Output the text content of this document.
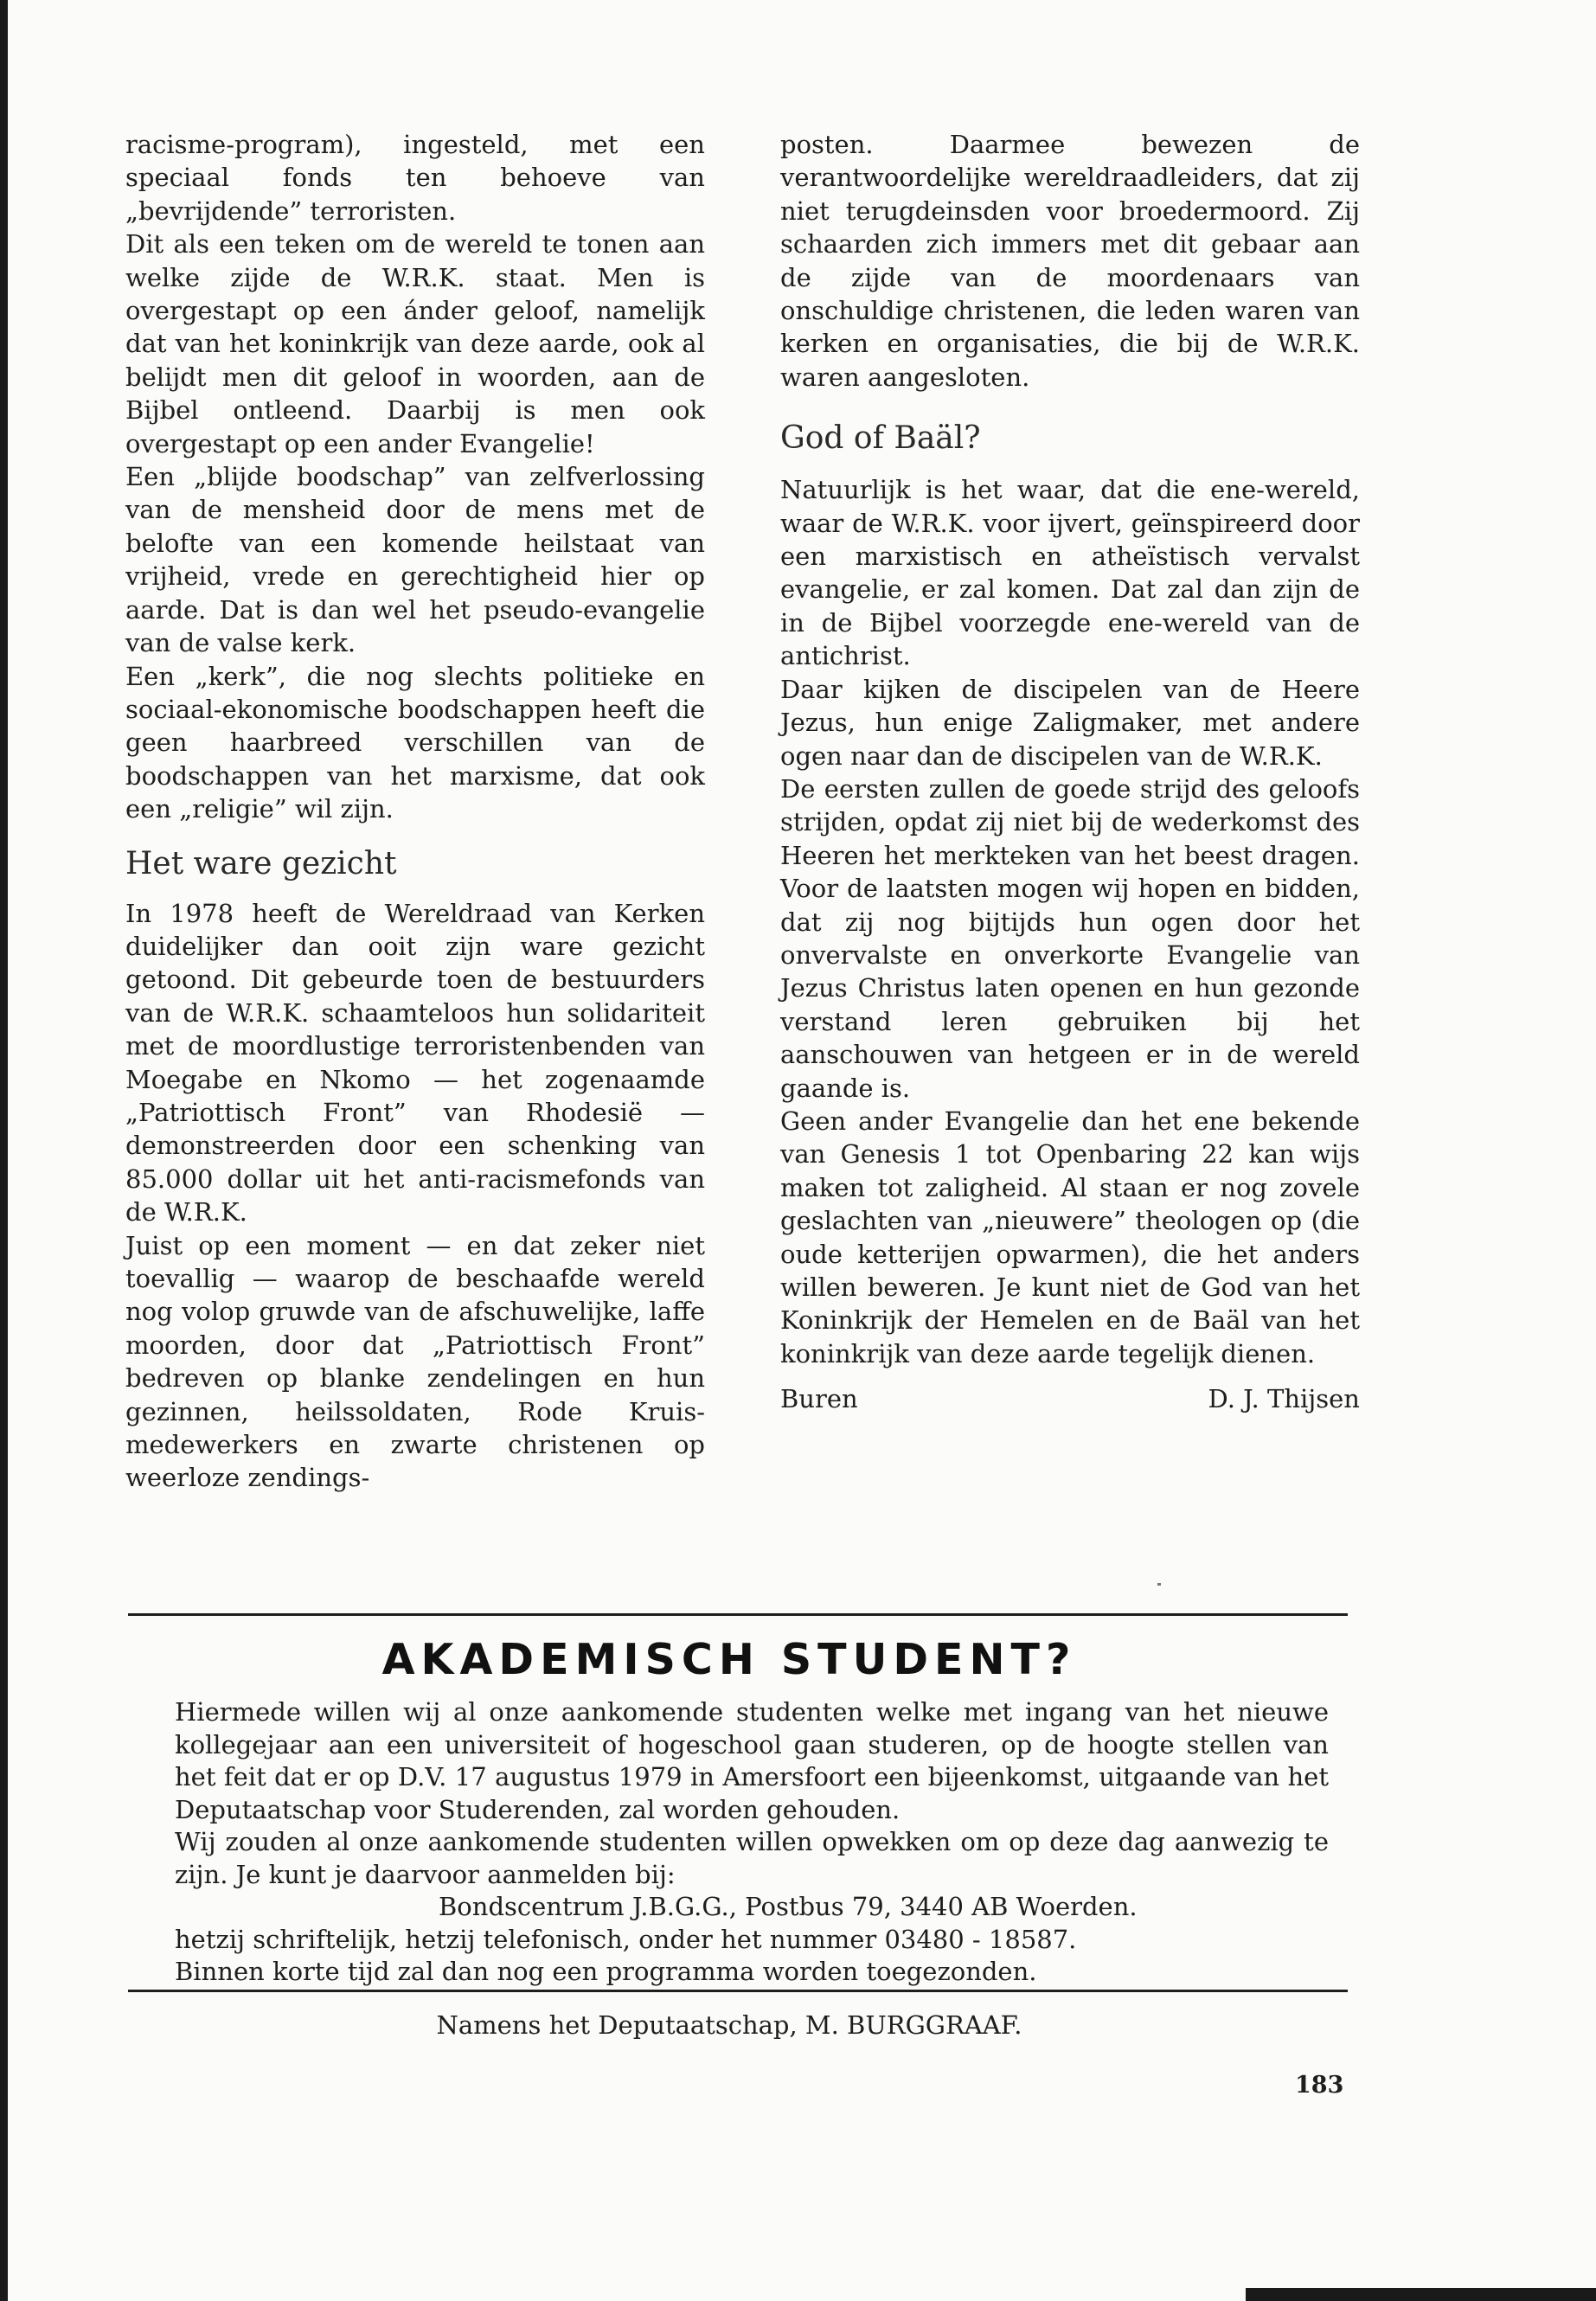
racisme-program), ingesteld, met een speciaal fonds ten behoeve van „bevrijdende” terroristen.

Dit als een teken om de wereld te tonen aan welke zijde de W.R.K. staat. Men is overgestapt op een ánder geloof, namelijk dat van het koninkrijk van deze aarde, ook al belijdt men dit geloof in woorden, aan de Bijbel ontleend. Daarbij is men ook overgestapt op een ander Evangelie!

Een „blijde boodschap” van zelfverlossing van de mensheid door de mens met de belofte van een komende heilstaat van vrijheid, vrede en gerechtigheid hier op aarde. Dat is dan wel het pseudo-evangelie van de valse kerk.

Een „kerk”, die nog slechts politieke en sociaal-ekonomische boodschappen heeft die geen haarbreed verschillen van de boodschappen van het marxisme, dat ook een „religie” wil zijn.

Het ware gezicht

In 1978 heeft de Wereldraad van Kerken duidelijker dan ooit zijn ware gezicht getoond. Dit gebeurde toen de bestuurders van de W.R.K. schaamteloos hun solidariteit met de moordlustige terroristenbenden van Moegabe en Nkomo — het zogenaamde „Patriottisch Front” van Rhodesië — demonstreerden door een schenking van 85.000 dollar uit het anti-racismefonds van de W.R.K.

Juist op een moment — en dat zeker niet toevallig — waarop de beschaafde wereld nog volop gruwde van de afschuwelijke, laffe moorden, door dat „Patriottisch Front” bedreven op blanke zendelingen en hun gezinnen, heilssoldaten, Rode Kruis-medewerkers en zwarte christenen op weerloze zendings-

posten. Daarmee bewezen de verantwoordelijke wereldraadleiders, dat zij niet terugdeinsden voor broedermoord. Zij schaarden zich immers met dit gebaar aan de zijde van de moordenaars van onschuldige christenen, die leden waren van kerken en organisaties, die bij de W.R.K. waren aangesloten.

God of Baäl?

Natuurlijk is het waar, dat die ene-wereld, waar de W.R.K. voor ijvert, geïnspireerd door een marxistisch en atheïstisch vervalst evangelie, er zal komen. Dat zal dan zijn de in de Bijbel voorzegde ene-wereld van de antichrist.

Daar kijken de discipelen van de Heere Jezus, hun enige Zaligmaker, met andere ogen naar dan de discipelen van de W.R.K.

De eersten zullen de goede strijd des geloofs strijden, opdat zij niet bij de wederkomst des Heeren het merkteken van het beest dragen. Voor de laatsten mogen wij hopen en bidden, dat zij nog bijtijds hun ogen door het onvervalste en onverkorte Evangelie van Jezus Christus laten openen en hun gezonde verstand leren gebruiken bij het aanschouwen van hetgeen er in de wereld gaande is.

Geen ander Evangelie dan het ene bekende van Genesis 1 tot Openbaring 22 kan wijs maken tot zaligheid. Al staan er nog zovele geslachten van „nieuwere” theologen op (die oude ketterijen opwarmen), die het anders willen beweren. Je kunt niet de God van het Koninkrijk der Hemelen en de Baäl van het koninkrijk van deze aarde tegelijk dienen.

Buren	D. J. Thijsen
AKADEMISCH STUDENT?

Hiermede willen wij al onze aankomende studenten welke met ingang van het nieuwe kollegejaar aan een universiteit of hogeschool gaan studeren, op de hoogte stellen van het feit dat er op D.V. 17 augustus 1979 in Amersfoort een bijeenkomst, uitgaande van het Deputaatschap voor Studerenden, zal worden gehouden.

Wij zouden al onze aankomende studenten willen opwekken om op deze dag aanwezig te zijn. Je kunt je daarvoor aanmelden bij:

Bondscentrum J.B.G.G., Postbus 79, 3440 AB Woerden.

hetzij schriftelijk, hetzij telefonisch, onder het nummer 03480 - 18587.

Binnen korte tijd zal dan nog een programma worden toegezonden.

Namens het Deputaatschap, M. BURGGRAAF.
183
